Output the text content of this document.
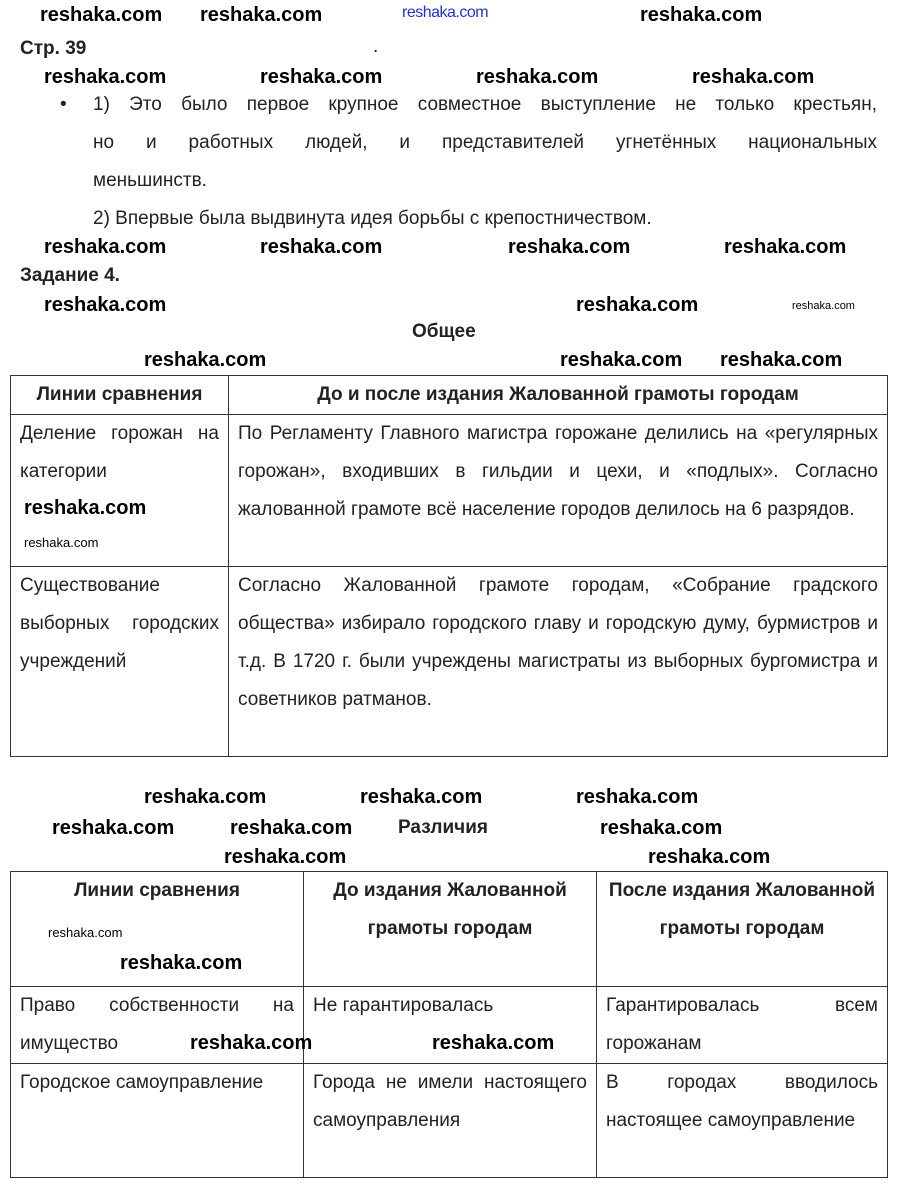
reshaka.com
Стр. 39	.
• 1) Это было первое крупное совместное выступление не только крестьян,
но и работных людей, и представителей угнетённых национальных
меньшинств.
2) Впервые была выдвинута идея борьбы с крепостничеством.
Задание 4.
Общее
Линии сравнения	До и после издания Жалованной грамоты городам
Деление горожан на категории	По Регламенту Главного магистра горожане делились на «регулярных горожан», входивших в гильдии и цехи, и «подлых». Согласно жалованной грамоте всё население городов делилось на 6 разрядов.
Существование выборных городских учреждений	Согласно Жалованной грамоте городам, «Собрание градского общества» избирало городского главу и городскую думу, бурмистров и т.д. В 1720 г. были учреждены магистраты из выборных бургомистра и советников ратманов.
Различия
Линии сравнения	До издания Жалованной грамоты городам	После издания Жалованной грамоты городам
Право собственности на имущество	Не гарантировалась	Гарантировалась всем горожанам
Городское самоуправление	Города не имели настоящего самоуправления	В городах вводилось настоящее самоуправление
reshaka.com reshaka.com	reshaka.com
reshaka.com	reshaka.com	reshaka.com	reshaka.com
reshaka.com	reshaka.com	reshaka.com	reshaka.com
reshaka.com	reshaka.com	reshaka.com
reshaka.com	reshaka.com reshaka.com
reshaka.com
reshaka.com
reshaka.com	reshaka.com	reshaka.com
reshaka.com	reshaka.com	reshaka.com
reshaka.com	reshaka.com
reshaka.com
reshaka.com
reshaka.com	reshaka.com
